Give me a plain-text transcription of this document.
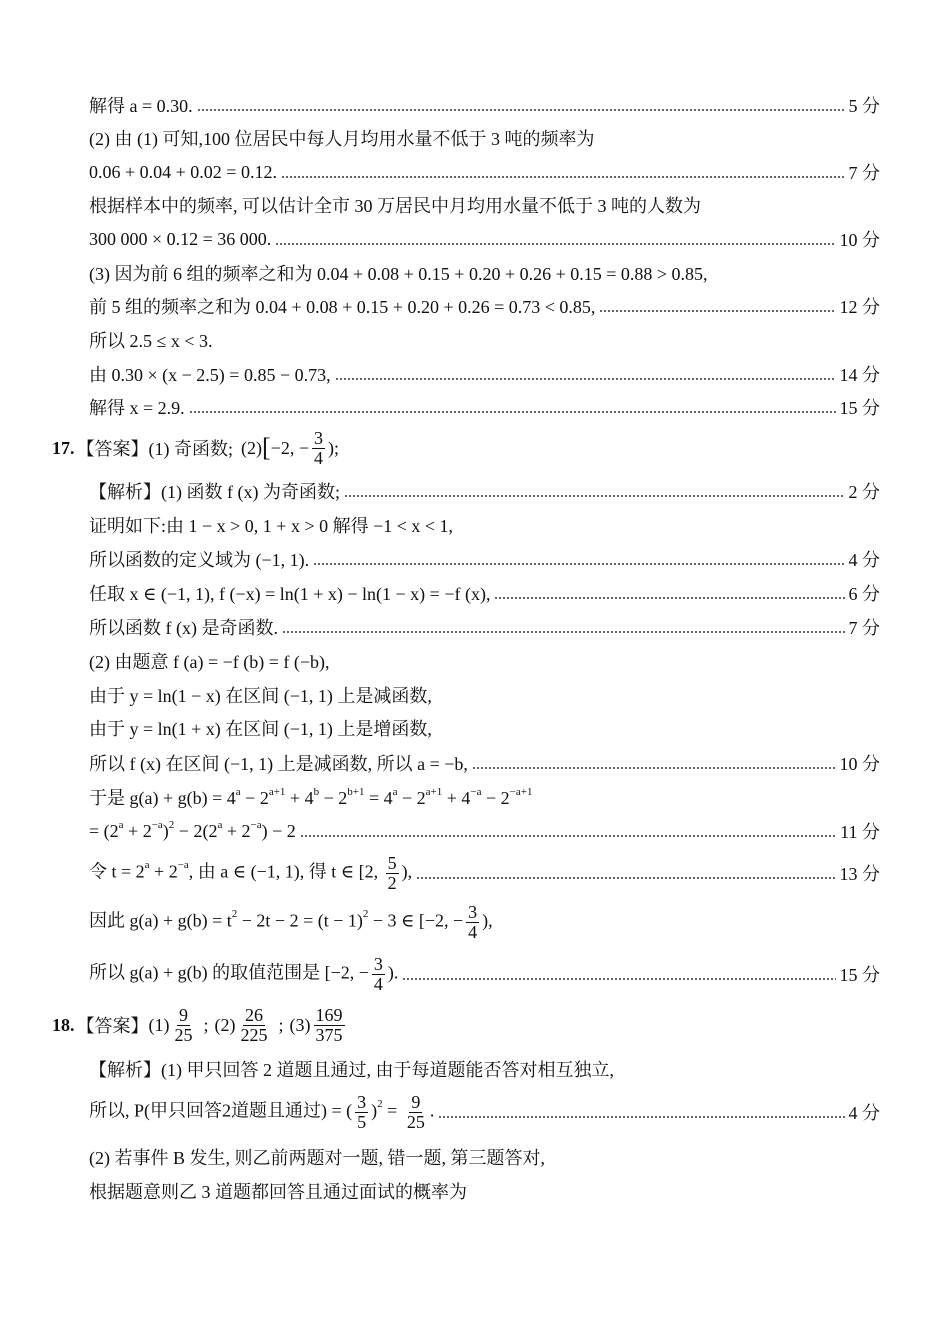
解得 a = 0.30.	5 分
(2) 由 (1) 可知,100 位居民中每人月均用水量不低于 3 吨的频率为
0.06 + 0.04 + 0.02 = 0.12.	7 分
根据样本中的频率, 可以估计全市 30 万居民中月均用水量不低于 3 吨的人数为
300 000 × 0.12 = 36 000.	10 分
(3) 因为前 6 组的频率之和为 0.04 + 0.08 + 0.15 + 0.20 + 0.26 + 0.15 = 0.88 > 0.85,
前 5 组的频率之和为 0.04 + 0.08 + 0.15 + 0.20 + 0.26 = 0.73 < 0.85,	12 分
所以 2.5 ≤ x < 3.
由 0.30 × (x − 2.5) = 0.85 − 0.73,	14 分
解得 x = 2.9.	15 分
17. 【答案】 (1) 奇函数; (2) [ −2, − $\frac{3}{4}$ );
【解析】(1) 函数 f (x) 为奇函数;	2 分
证明如下:由 1 − x > 0, 1 + x > 0 解得 −1 < x < 1,
所以函数的定义域为 (−1, 1).	4 分
任取 x ∈ (−1, 1), f (−x) = ln(1 + x) − ln(1 − x) = −f (x),	6 分
所以函数 f (x) 是奇函数.	7 分
(2) 由题意 f (a) = −f (b) = f (−b),
由于 y = ln(1 − x) 在区间 (−1, 1) 上是减函数,
由于 y = ln(1 + x) 在区间 (−1, 1) 上是增函数,
所以 f (x) 在区间 (−1, 1) 上是减函数, 所以 a = −b,	10 分
于是 $g(a) + g(b) = 4^a - 2^{a+1} + 4^b - 2^{b+1} = 4^a - 2^{a+1} + 4^{-a} - 2^{-a+1}$
= $(2^a + 2^{-a})^2 - 2(2^a + 2^{-a}) - 2$	11 分
令 $t = 2^a + 2^{-a}$, 由 a ∈ (−1, 1), 得 t ∈ [2, $\frac{5}{2}$ ),	13 分
因此 $g(a) + g(b) = t^2 - 2t - 2 = (t - 1)^2 - 3$ ∈ [−2, − $\frac{3}{4}$ ),
所以 g(a) + g(b) 的取值范围是 [−2, − $\frac{3}{4}$ ).	15 分
18. 【答案】 $(1) \frac{9}{25}$ ; $(2) \frac{26}{225}$ ; $(3) \frac{169}{375}$
【解析】(1) 甲只回答 2 道题且通过, 由于每道题能否答对相互独立,
所以, P(甲只回答2道题且通过) = ( $\frac{3}{5} )^2 = \frac{9}{25}$ .	4 分
(2) 若事件 B 发生, 则乙前两题对一题, 错一题, 第三题答对,
根据题意则乙 3 道题都回答且通过面试的概率为
